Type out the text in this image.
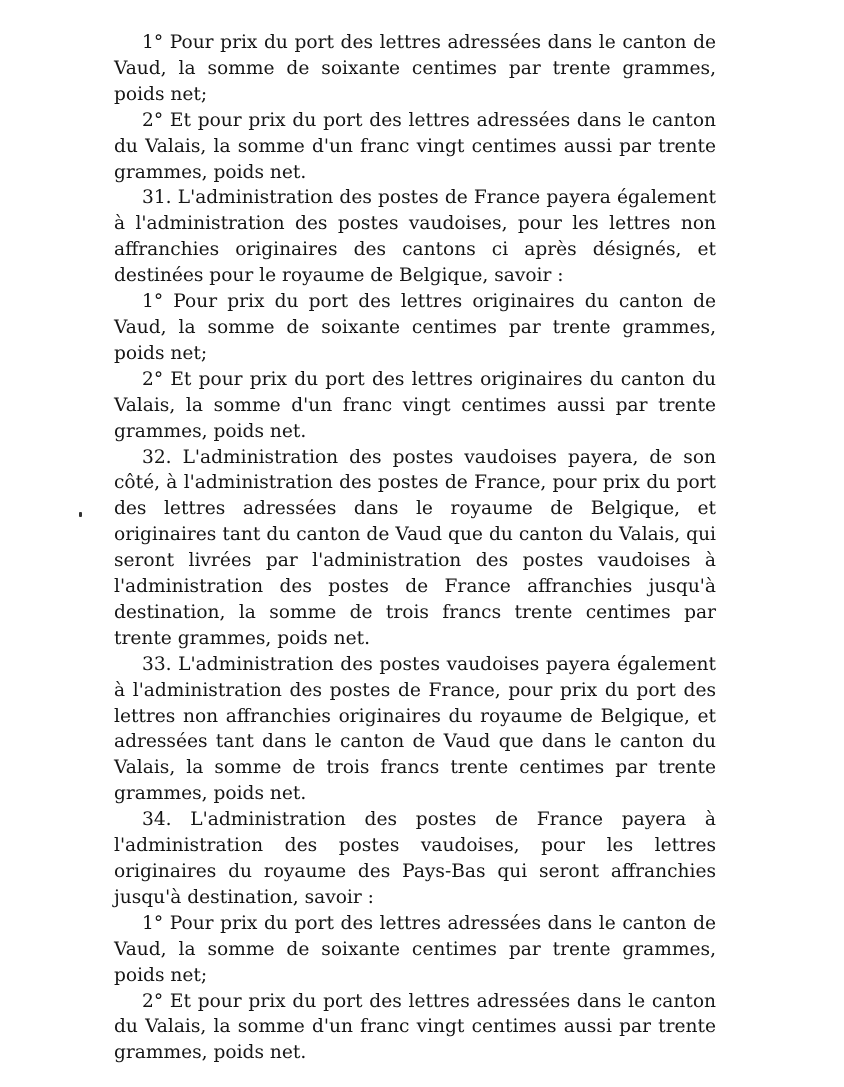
1° Pour prix du port des lettres adressées dans le canton de Vaud, la somme de soixante centimes par trente grammes, poids net;

2° Et pour prix du port des lettres adressées dans le canton du Valais, la somme d'un franc vingt centimes aussi par trente grammes, poids net.

31. L'administration des postes de France payera également à l'administration des postes vaudoises, pour les lettres non affranchies originaires des cantons ci après désignés, et destinées pour le royaume de Belgique, savoir :

1° Pour prix du port des lettres originaires du canton de Vaud, la somme de soixante centimes par trente grammes, poids net;

2° Et pour prix du port des lettres originaires du canton du Valais, la somme d'un franc vingt centimes aussi par trente grammes, poids net.

32. L'administration des postes vaudoises payera, de son côté, à l'administration des postes de France, pour prix du port des lettres adressées dans le royaume de Belgique, et originaires tant du canton de Vaud que du canton du Valais, qui seront livrées par l'administration des postes vaudoises à l'administration des postes de France affranchies jusqu'à destination, la somme de trois francs trente centimes par trente grammes, poids net.

33. L'administration des postes vaudoises payera également à l'administration des postes de France, pour prix du port des lettres non affranchies originaires du royaume de Belgique, et adressées tant dans le canton de Vaud que dans le canton du Valais, la somme de trois francs trente centimes par trente grammes, poids net.

34. L'administration des postes de France payera à l'administration des postes vaudoises, pour les lettres originaires du royaume des Pays-Bas qui seront affranchies jusqu'à destination, savoir :

1° Pour prix du port des lettres adressées dans le canton de Vaud, la somme de soixante centimes par trente grammes, poids net;

2° Et pour prix du port des lettres adressées dans le canton du Valais, la somme d'un franc vingt centimes aussi par trente grammes, poids net.
